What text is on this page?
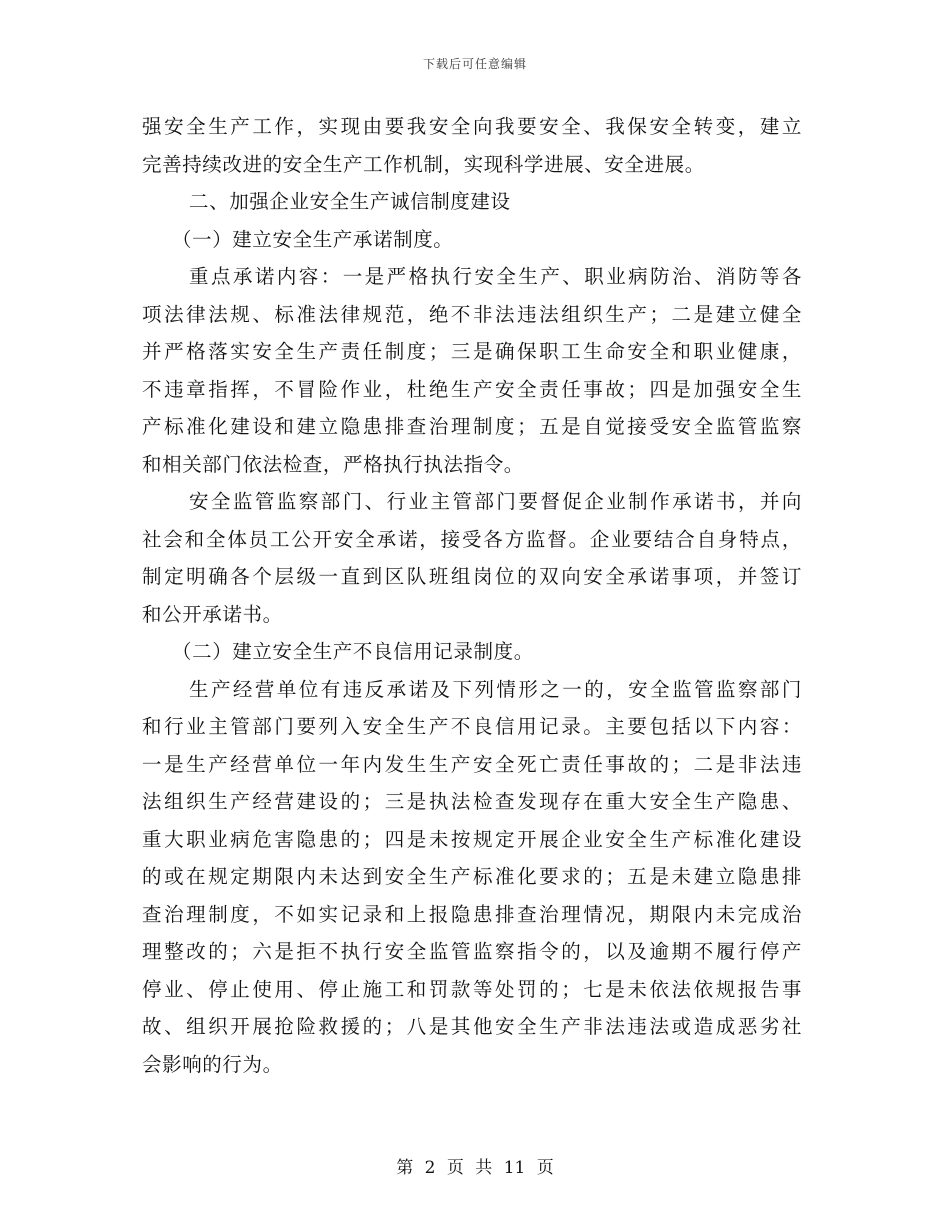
下载后可任意编辑
强安全生产工作，实现由要我安全向我要安全、我保安全转变，建立
完善持续改进的安全生产工作机制，实现科学进展、安全进展。
二、加强企业安全生产诚信制度建设
（一）建立安全生产承诺制度。
重点承诺内容：一是严格执行安全生产、职业病防治、消防等各
项法律法规、标准法律规范，绝不非法违法组织生产；二是建立健全
并严格落实安全生产责任制度；三是确保职工生命安全和职业健康，
不违章指挥，不冒险作业，杜绝生产安全责任事故；四是加强安全生
产标准化建设和建立隐患排查治理制度；五是自觉接受安全监管监察
和相关部门依法检查，严格执行执法指令。
安全监管监察部门、行业主管部门要督促企业制作承诺书，并向
社会和全体员工公开安全承诺，接受各方监督。企业要结合自身特点，
制定明确各个层级一直到区队班组岗位的双向安全承诺事项，并签订
和公开承诺书。
（二）建立安全生产不良信用记录制度。
生产经营单位有违反承诺及下列情形之一的，安全监管监察部门
和行业主管部门要列入安全生产不良信用记录。主要包括以下内容：
一是生产经营单位一年内发生生产安全死亡责任事故的；二是非法违
法组织生产经营建设的；三是执法检查发现存在重大安全生产隐患、
重大职业病危害隐患的；四是未按规定开展企业安全生产标准化建设
的或在规定期限内未达到安全生产标准化要求的；五是未建立隐患排
查治理制度，不如实记录和上报隐患排查治理情况，期限内未完成治
理整改的；六是拒不执行安全监管监察指令的，以及逾期不履行停产
停业、停止使用、停止施工和罚款等处罚的；七是未依法依规报告事
故、组织开展抢险救援的；八是其他安全生产非法违法或造成恶劣社
会影响的行为。
第 2 页 共 11 页
